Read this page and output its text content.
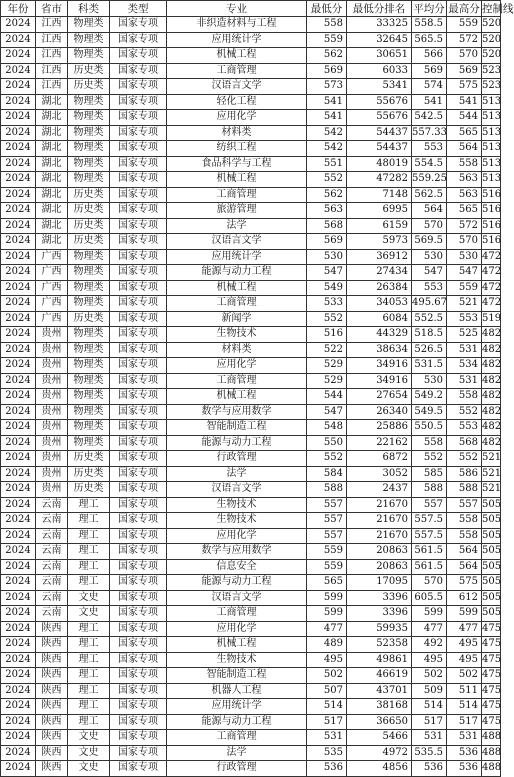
年份	省市	科类	类型	专业	最低分	最低分排名	平均分	最高分	控制线
2024	江西	物理类	国家专项	非织造材料与工程	558	33325	558.5	559	520
2024	江西	物理类	国家专项	应用统计学	559	32645	565.5	572	520
2024	江西	物理类	国家专项	机械工程	562	30651	566	570	520
2024	江西	历史类	国家专项	工商管理	569	6033	569	569	523
2024	江西	历史类	国家专项	汉语言文学	573	5341	574	575	523
2024	湖北	物理类	国家专项	轻化工程	541	55676	541	541	513
2024	湖北	物理类	国家专项	应用化学	541	55676	542.5	544	513
2024	湖北	物理类	国家专项	材料类	542	54437	557.33	565	513
2024	湖北	物理类	国家专项	纺织工程	542	54437	553	564	513
2024	湖北	物理类	国家专项	食品科学与工程	551	48019	554.5	558	513
2024	湖北	物理类	国家专项	机械工程	552	47282	559.25	563	513
2024	湖北	历史类	国家专项	工商管理	562	7148	562.5	563	516
2024	湖北	历史类	国家专项	旅游管理	563	6995	564	565	516
2024	湖北	历史类	国家专项	法学	568	6159	570	572	516
2024	湖北	历史类	国家专项	汉语言文学	569	5973	569.5	570	516
2024	广西	物理类	国家专项	应用统计学	530	36912	530	530	472
2024	广西	物理类	国家专项	能源与动力工程	547	27434	547	547	472
2024	广西	物理类	国家专项	机械工程	549	26384	553	559	472
2024	广西	物理类	国家专项	工商管理	533	34053	495.67	521	472
2024	广西	历史类	国家专项	新闻学	552	6084	552.5	553	519
2024	贵州	物理类	国家专项	生物技术	516	44329	518.5	525	482
2024	贵州	物理类	国家专项	材料类	522	38634	526.5	531	482
2024	贵州	物理类	国家专项	应用化学	529	34916	531.5	534	482
2024	贵州	物理类	国家专项	工商管理	529	34916	530	531	482
2024	贵州	物理类	国家专项	机械工程	544	27654	549.2	558	482
2024	贵州	物理类	国家专项	数学与应用数学	547	26340	549.5	552	482
2024	贵州	物理类	国家专项	智能制造工程	548	25886	550.5	553	482
2024	贵州	物理类	国家专项	能源与动力工程	550	22162	558	568	482
2024	贵州	历史类	国家专项	行政管理	552	6872	552	552	521
2024	贵州	历史类	国家专项	法学	584	3052	585	586	521
2024	贵州	历史类	国家专项	汉语言文学	588	2437	588	588	521
2024	云南	理工	国家专项	生物技术	557	21670	557	557	505
2024	云南	理工	国家专项	生物技术	557	21670	557.5	558	505
2024	云南	理工	国家专项	应用化学	557	21670	557.5	558	505
2024	云南	理工	国家专项	数学与应用数学	559	20863	561.5	564	505
2024	云南	理工	国家专项	信息安全	559	20863	561.5	564	505
2024	云南	理工	国家专项	能源与动力工程	565	17095	570	575	505
2024	云南	文史	国家专项	汉语言文学	599	3396	605.5	612	505
2024	云南	文史	国家专项	工商管理	599	3396	599	599	505
2024	陕西	理工	国家专项	应用化学	477	59935	477	477	475
2024	陕西	理工	国家专项	机械工程	489	52358	492	495	475
2024	陕西	理工	国家专项	生物技术	495	49861	495	495	475
2024	陕西	理工	国家专项	智能制造工程	502	46619	502	502	475
2024	陕西	理工	国家专项	机器人工程	507	43701	509	511	475
2024	陕西	理工	国家专项	应用统计学	514	38168	514	514	475
2024	陕西	理工	国家专项	能源与动力工程	517	36650	517	517	475
2024	陕西	文史	国家专项	工商管理	531	5466	531	531	488
2024	陕西	文史	国家专项	法学	535	4972	535.5	536	488
2024	陕西	文史	国家专项	行政管理	536	4856	536	536	488
